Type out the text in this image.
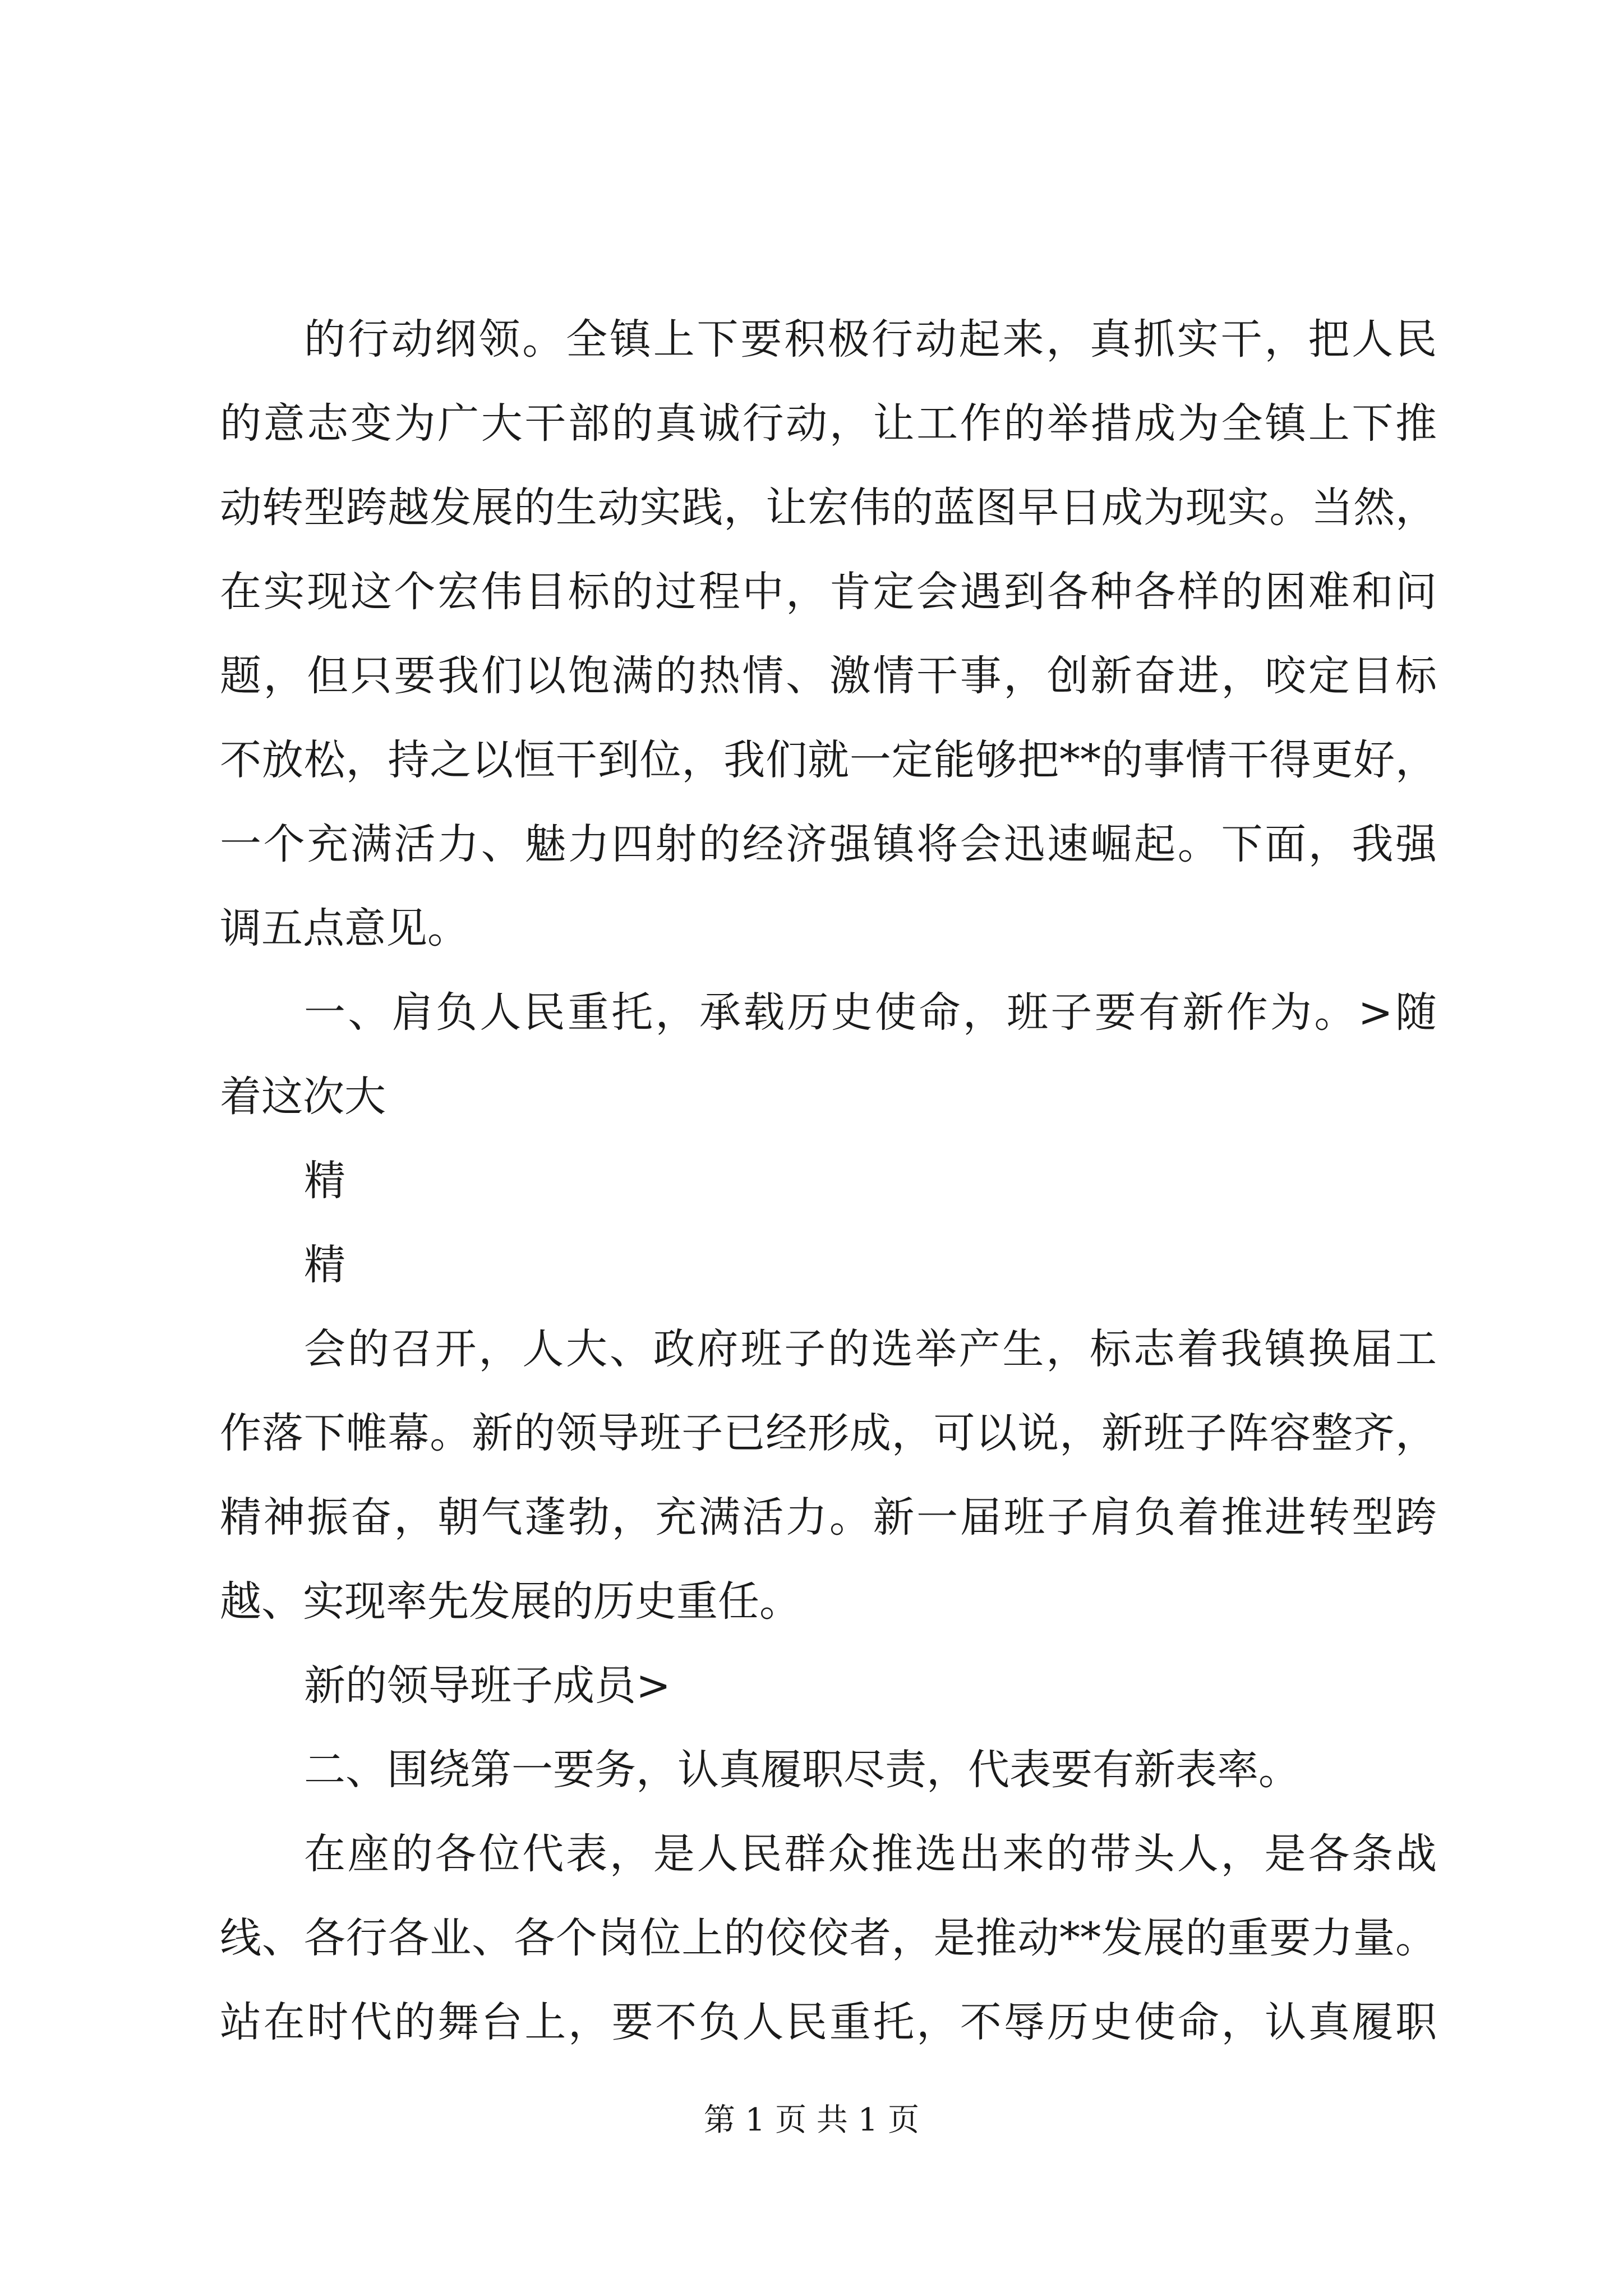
的行动纲领。全镇上下要积极行动起来，真抓实干，把人民
的意志变为广大干部的真诚行动，让工作的举措成为全镇上下推
动转型跨越发展的生动实践，让宏伟的蓝图早日成为现实。当然，
在实现这个宏伟目标的过程中，肯定会遇到各种各样的困难和问
题，但只要我们以饱满的热情、激情干事，创新奋进，咬定目标
不放松，持之以恒干到位，我们就一定能够把**的事情干得更好，
一个充满活力、魅力四射的经济强镇将会迅速崛起。下面，我强
调五点意见。
一、肩负人民重托，承载历史使命，班子要有新作为。>随
着这次大
精
精
会的召开，人大、政府班子的选举产生，标志着我镇换届工
作落下帷幕。新的领导班子已经形成，可以说，新班子阵容整齐，
精神振奋，朝气蓬勃，充满活力。新一届班子肩负着推进转型跨
越、实现率先发展的历史重任。
新的领导班子成员>
二、围绕第一要务，认真履职尽责，代表要有新表率。
在座的各位代表，是人民群众推选出来的带头人，是各条战
线、各行各业、各个岗位上的佼佼者，是推动**发展的重要力量。
站在时代的舞台上，要不负人民重托，不辱历史使命，认真履职
第 1 页 共 1 页
